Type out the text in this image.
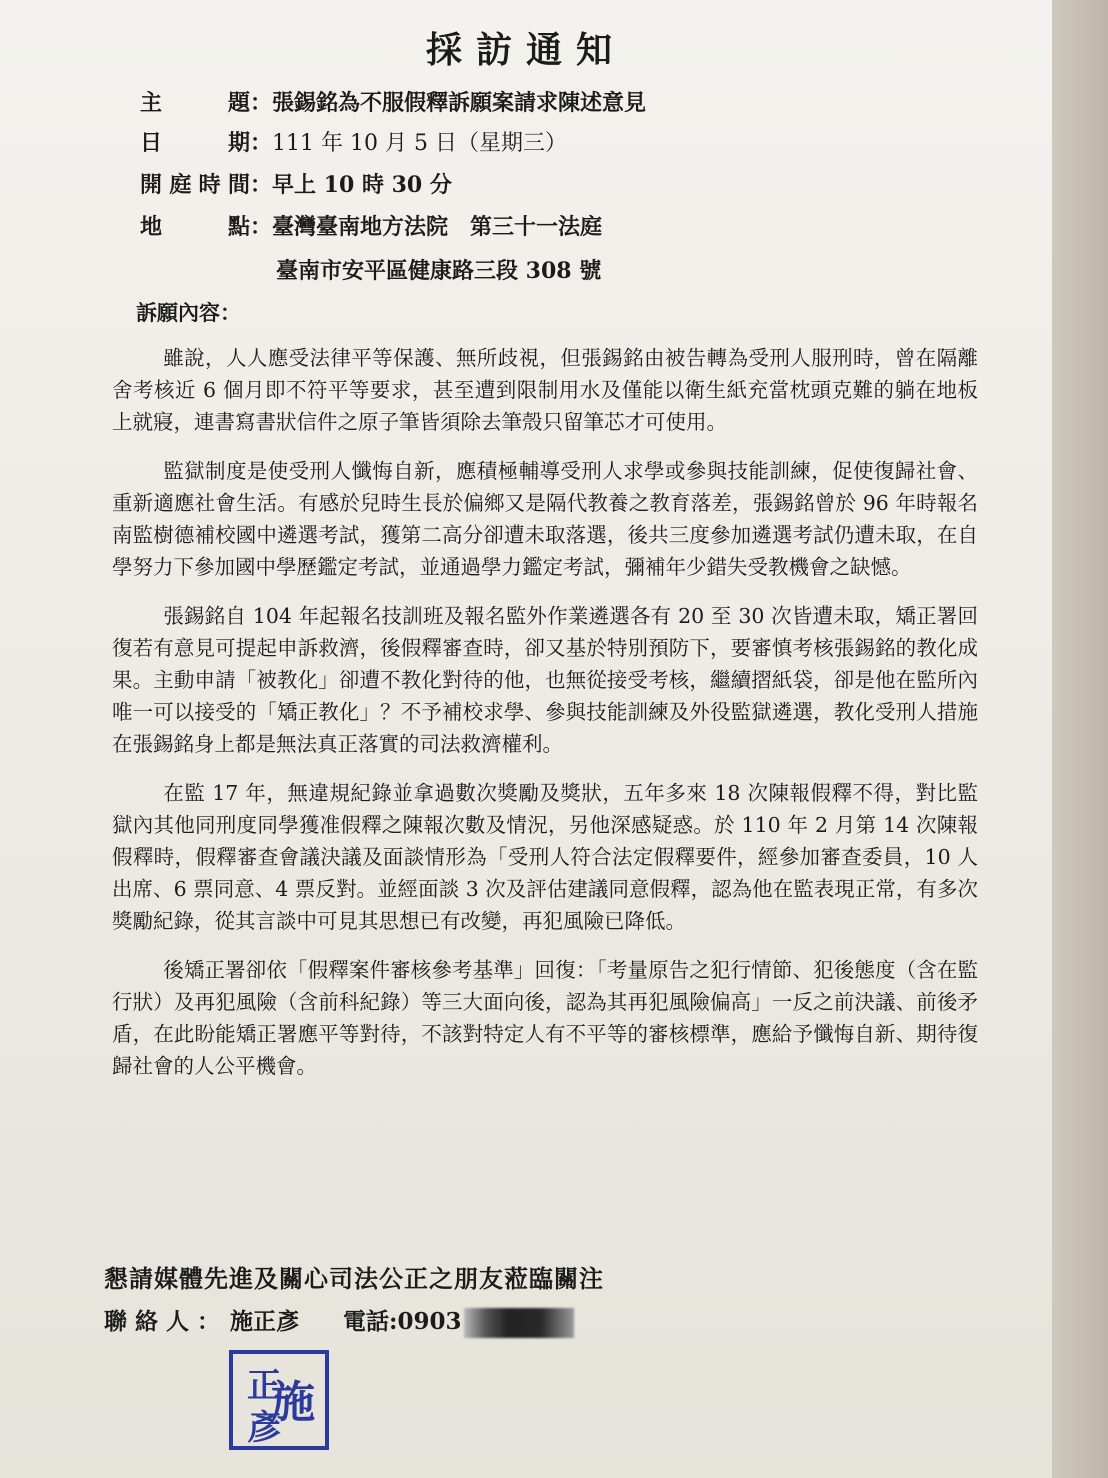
採訪通知
主 題：張錫銘為不服假釋訴願案請求陳述意見
日 期：111 年 10 月 5 日（星期三）
開庭時間：早上 10 時 30 分
地 點：臺灣臺南地方法院　第三十一法庭
臺南市安平區健康路三段 308 號
訴願內容：

雖說，人人應受法律平等保護、無所歧視，但張錫銘由被告轉為受刑人服刑時，曾在隔離舍考核近 6 個月即不符平等要求，甚至遭到限制用水及僅能以衛生紙充當枕頭克難的躺在地板上就寢，連書寫書狀信件之原子筆皆須除去筆殼只留筆芯才可使用。

監獄制度是使受刑人懺悔自新，應積極輔導受刑人求學或參與技能訓練，促使復歸社會、重新適應社會生活。有感於兒時生長於偏鄉又是隔代教養之教育落差，張錫銘曾於 96 年時報名南監樹德補校國中遴選考試，獲第二高分卻遭未取落選，後共三度參加遴選考試仍遭未取，在自學努力下參加國中學歷鑑定考試，並通過學力鑑定考試，彌補年少錯失受教機會之缺憾。

張錫銘自 104 年起報名技訓班及報名監外作業遴選各有 20 至 30 次皆遭未取，矯正署回復若有意見可提起申訴救濟，後假釋審查時，卻又基於特別預防下，要審慎考核張錫銘的教化成果。主動申請「被教化」卻遭不教化對待的他，也無從接受考核，繼續摺紙袋，卻是他在監所內唯一可以接受的「矯正教化」？不予補校求學、參與技能訓練及外役監獄遴選，教化受刑人措施在張錫銘身上都是無法真正落實的司法救濟權利。

在監 17 年，無違規紀錄並拿過數次獎勵及獎狀，五年多來 18 次陳報假釋不得，對比監獄內其他同刑度同學獲准假釋之陳報次數及情況，另他深感疑惑。於 110 年 2 月第 14 次陳報假釋時，假釋審查會議決議及面談情形為「受刑人符合法定假釋要件，經參加審查委員，10 人出席、6 票同意、4 票反對。並經面談 3 次及評估建議同意假釋，認為他在監表現正常，有多次獎勵紀錄，從其言談中可見其思想已有改變，再犯風險已降低。

後矯正署卻依「假釋案件審核參考基準」回復：「考量原告之犯行情節、犯後態度（含在監行狀）及再犯風險（含前科紀錄）等三大面向後，認為其再犯風險偏高」一反之前決議、前後矛盾，在此盼能矯正署應平等對待，不該對特定人有不平等的審核標準，應給予懺悔自新、期待復歸社會的人公平機會。

懇請媒體先進及關心司法公正之朋友蒞臨關注
聯絡人：施正彥 電話:0903
施
正
彥
